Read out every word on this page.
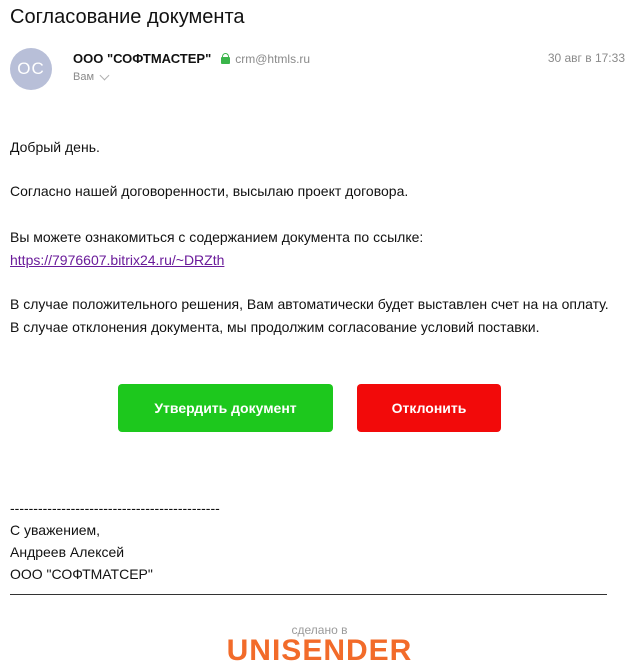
Согласование документа
ОС
ООО "СОФТМАСТЕР" crm@htmls.ru	30 авг в 17:33
Вам
Добрый день.
Согласно нашей договоренности, высылаю проект договора.
Вы можете ознакомиться с содержанием документа по ссылке:
https://7976607.bitrix24.ru/~DRZth
В случае положительного решения, Вам автоматически будет выставлен счет на на оплату. В случае отклонения документа, мы продолжим согласование условий поставки.
Утвердить документ	Отклонить
---------------------------------------------
С уважением,
Андреев Алексей
ООО "СОФТМАТСЕР"
сделано в
UNISENDER
